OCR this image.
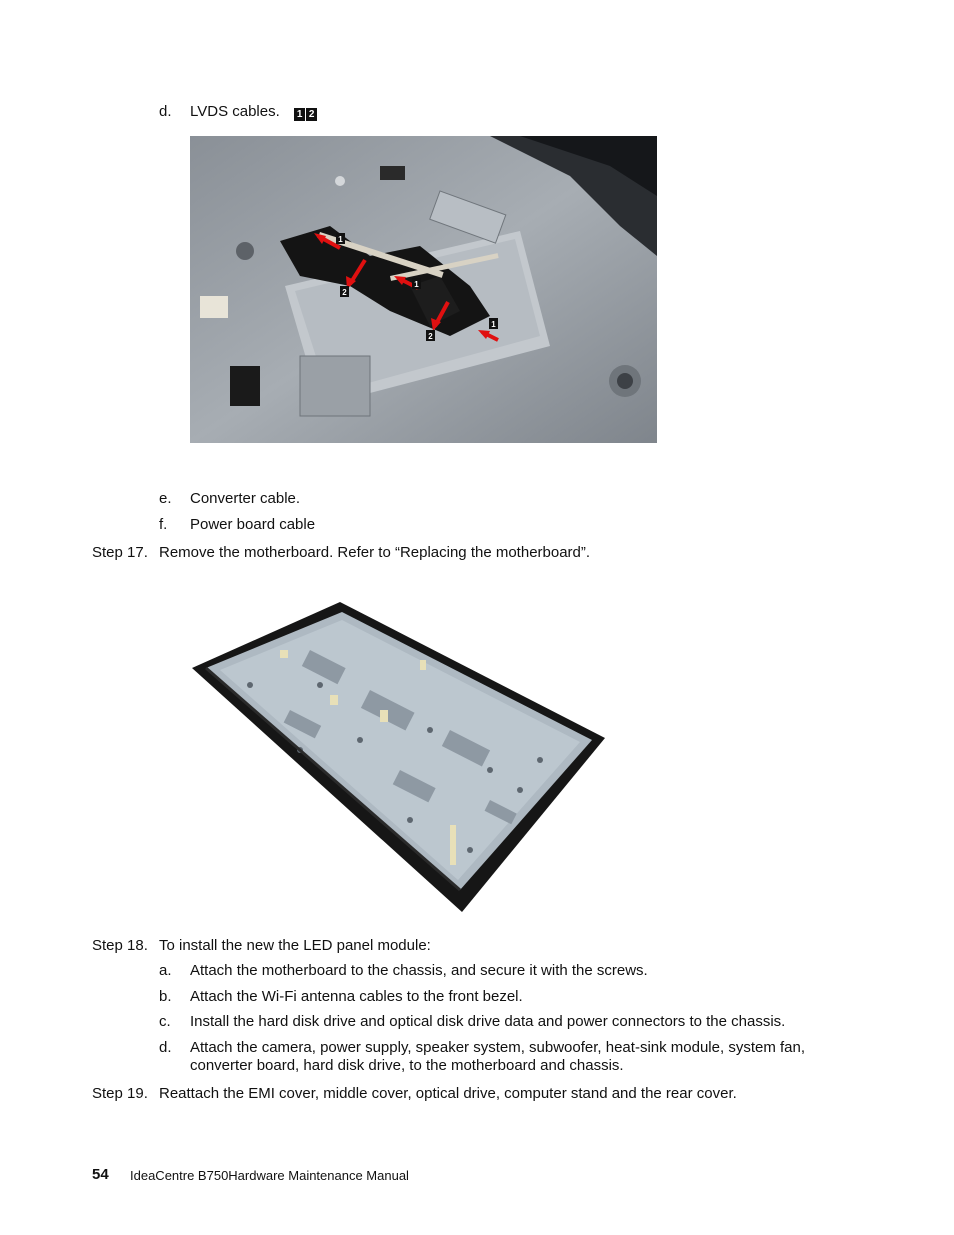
d. LVDS cables. 1 2
1
1
1
2
2
e. Converter cable.
f. Power board cable
Step 17. Remove the motherboard. Refer to “Replacing the motherboard”.
Step 18. To install the new the LED panel module:
a. Attach the motherboard to the chassis, and secure it with the screws.
b. Attach the Wi-Fi antenna cables to the front bezel.
c. Install the hard disk drive and optical disk drive data and power connectors to the chassis.
d. Attach the camera, power supply, speaker system, subwoofer, heat-sink module, system fan,
converter board, hard disk drive, to the motherboard and chassis.
Step 19. Reattach the EMI cover, middle cover, optical drive, computer stand and the rear cover.
54 IdeaCentre B750Hardware Maintenance Manual
